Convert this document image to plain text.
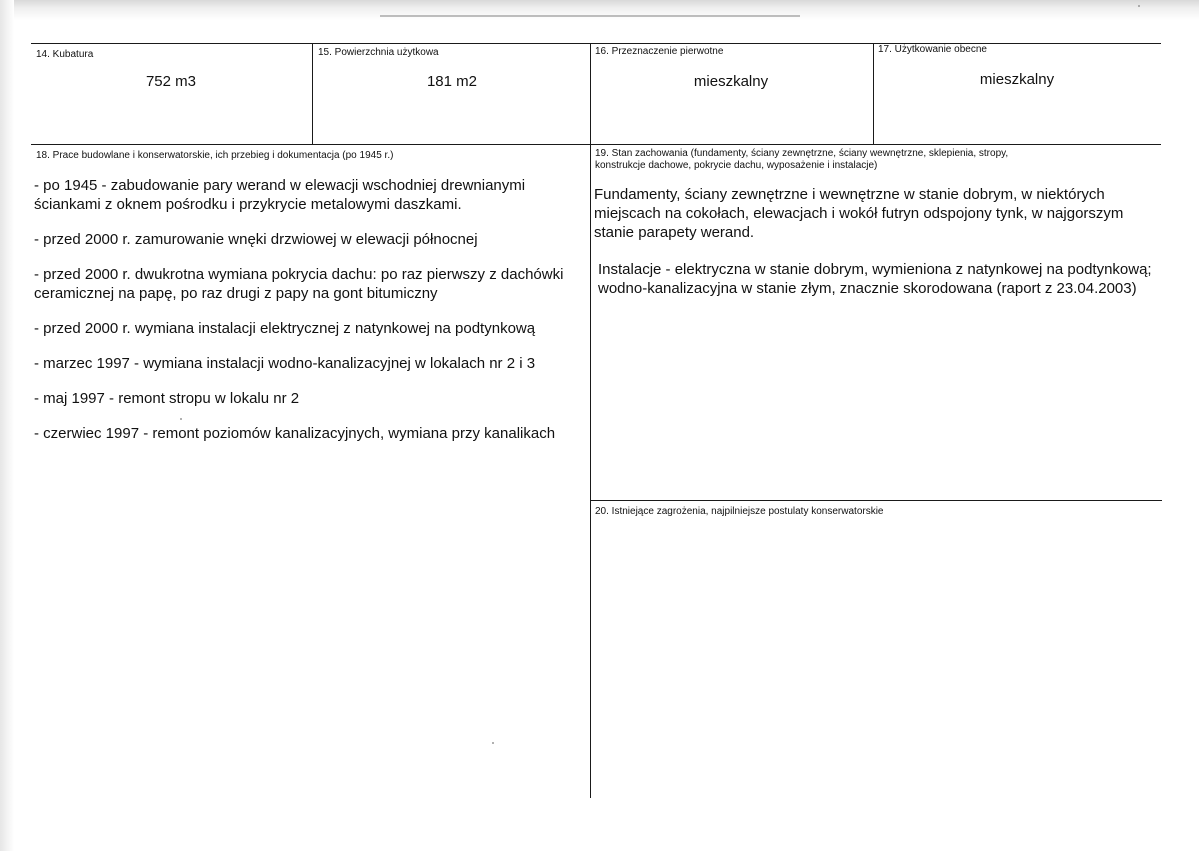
14. Kubatura
752 m3
15. Powierzchnia użytkowa
181 m2
16. Przeznaczenie pierwotne
mieszkalny
17. Użytkowanie obecne
mieszkalny
18. Prace budowlane i konserwatorskie, ich przebieg i dokumentacja (po 1945 r.)

- po 1945 - zabudowanie pary werand w elewacji wschodniej drewnianymi ściankami z oknem pośrodku i przykrycie metalowymi daszkami.

- przed 2000 r. zamurowanie wnęki drzwiowej w elewacji północnej

- przed 2000 r. dwukrotna wymiana pokrycia dachu: po raz pierwszy z dachówki ceramicznej na papę, po raz drugi z papy na gont bitumiczny

- przed 2000 r. wymiana instalacji elektrycznej z natynkowej na podtynkową

- marzec 1997 - wymiana instalacji wodno-kanalizacyjnej w lokalach nr 2 i 3

- maj 1997 - remont stropu w lokalu nr 2

- czerwiec 1997 - remont poziomów kanalizacyjnych, wymiana przy kanalikach

19. Stan zachowania (fundamenty, ściany zewnętrzne, ściany wewnętrzne, sklepienia, stropy,
konstrukcje dachowe, pokrycie dachu, wyposażenie i instalacje)

Fundamenty, ściany zewnętrzne i wewnętrzne w stanie dobrym, w niektórych miejscach na cokołach, elewacjach i wokół futryn odspojony tynk, w najgorszym stanie parapety werand.

Instalacje - elektryczna w stanie dobrym, wymieniona z natynkowej na podtynkową; wodno-kanalizacyjna w stanie złym, znacznie skorodowana (raport z 23.04.2003)

20. Istniejące zagrożenia, najpilniejsze postulaty konserwatorskie
